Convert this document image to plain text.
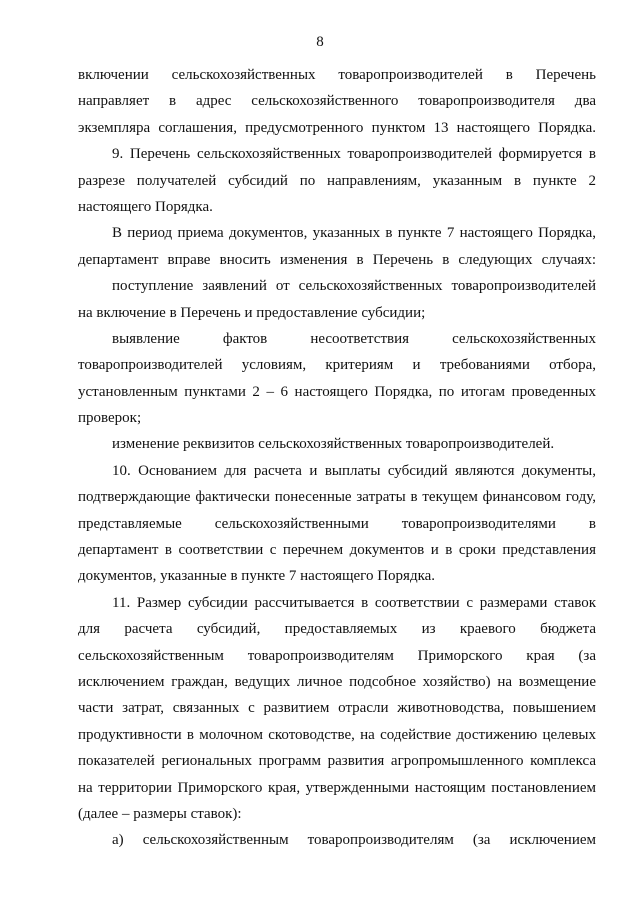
8
включении сельскохозяйственных товаропроизводителей в Перечень
направляет в адрес сельскохозяйственного товаропроизводителя два
экземпляра соглашения, предусмотренного пунктом 13 настоящего Порядка.
9. Перечень сельскохозяйственных товаропроизводителей формируется в
разрезе получателей субсидий по направлениям, указанным в пункте 2
настоящего Порядка.
В период приема документов, указанных в пункте 7 настоящего Порядка,
департамент вправе вносить изменения в Перечень в следующих случаях:
поступление заявлений от сельскохозяйственных товаропроизводителей
на включение в Перечень и предоставление субсидии;
выявление фактов несоответствия сельскохозяйственных
товаропроизводителей условиям, критериям и требованиями отбора,
установленным пунктами 2 – 6 настоящего Порядка, по итогам проведенных
проверок;
изменение реквизитов сельскохозяйственных товаропроизводителей.
10. Основанием для расчета и выплаты субсидий являются документы,
подтверждающие фактически понесенные затраты в текущем финансовом году,
представляемые сельскохозяйственными товаропроизводителями в
департамент в соответствии с перечнем документов и в сроки представления
документов, указанные в пункте 7 настоящего Порядка.
11. Размер субсидии рассчитывается в соответствии с размерами ставок
для расчета субсидий, предоставляемых из краевого бюджета
сельскохозяйственным товаропроизводителям Приморского края (за
исключением граждан, ведущих личное подсобное хозяйство) на возмещение
части затрат, связанных с развитием отрасли животноводства, повышением
продуктивности в молочном скотоводстве, на содействие достижению целевых
показателей региональных программ развития агропромышленного комплекса
на территории Приморского края, утвержденными настоящим постановлением
(далее – размеры ставок):
а) сельскохозяйственным товаропроизводителям (за исключением
